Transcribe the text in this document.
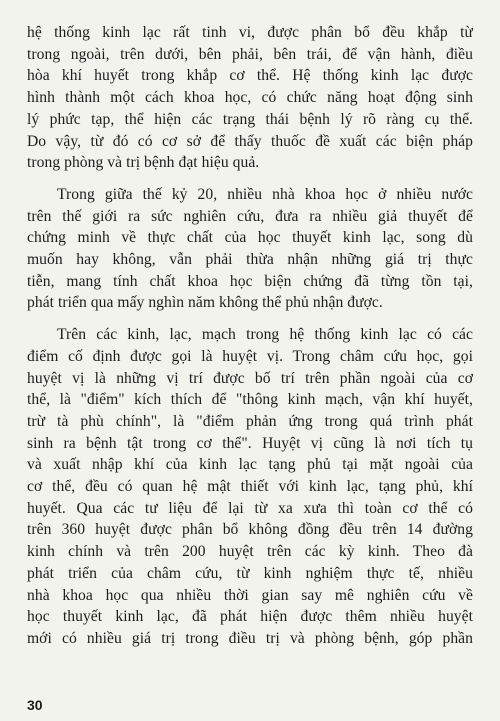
hệ thống kinh lạc rất tinh vi, được phân bổ đều khắp từ
trong ngoài, trên dưới, bên phải, bên trái, để vận hành, điều
hòa khí huyết trong khắp cơ thể. Hệ thống kinh lạc được
hình thành một cách khoa học, có chức năng hoạt động sinh
lý phức tạp, thể hiện các trạng thái bệnh lý rõ ràng cụ thể.
Do vậy, từ đó có cơ sở để thấy thuốc đề xuất các biện pháp
trong phòng và trị bệnh đạt hiệu quả.
Trong giữa thế kỷ 20, nhiều nhà khoa học ở nhiều nước
trên thế giới ra sức nghiên cứu, đưa ra nhiều giả thuyết để
chứng minh về thực chất của học thuyết kinh lạc, song dù
muốn hay không, vẫn phải thừa nhận những giá trị thực
tiễn, mang tính chất khoa học biện chứng đã từng tồn tại,
phát triển qua mấy nghìn năm không thể phủ nhận được.
Trên các kinh, lạc, mạch trong hệ thống kinh lạc có các
điểm cố định được gọi là huyệt vị. Trong châm cứu học, gọi
huyệt vị là những vị trí được bố trí trên phần ngoài của cơ
thể, là "điểm" kích thích để "thông kinh mạch, vận khí huyết,
trừ tà phù chính", là "điểm phản ứng trong quá trình phát
sinh ra bệnh tật trong cơ thể". Huyệt vị cũng là nơi tích tụ
và xuất nhập khí của kinh lạc tạng phủ tại mặt ngoài của
cơ thể, đều có quan hệ mật thiết với kinh lạc, tạng phủ, khí
huyết. Qua các tư liệu để lại từ xa xưa thì toàn cơ thể có
trên 360 huyệt được phân bổ không đồng đều trên 14 đường
kinh chính và trên 200 huyệt trên các kỳ kinh. Theo đà
phát triển của châm cứu, từ kinh nghiệm thực tế, nhiều
nhà khoa học qua nhiều thời gian say mê nghiên cứu về
học thuyết kinh lạc, đã phát hiện được thêm nhiều huyệt
mới có nhiều giá trị trong điều trị và phòng bệnh, góp phần
30
